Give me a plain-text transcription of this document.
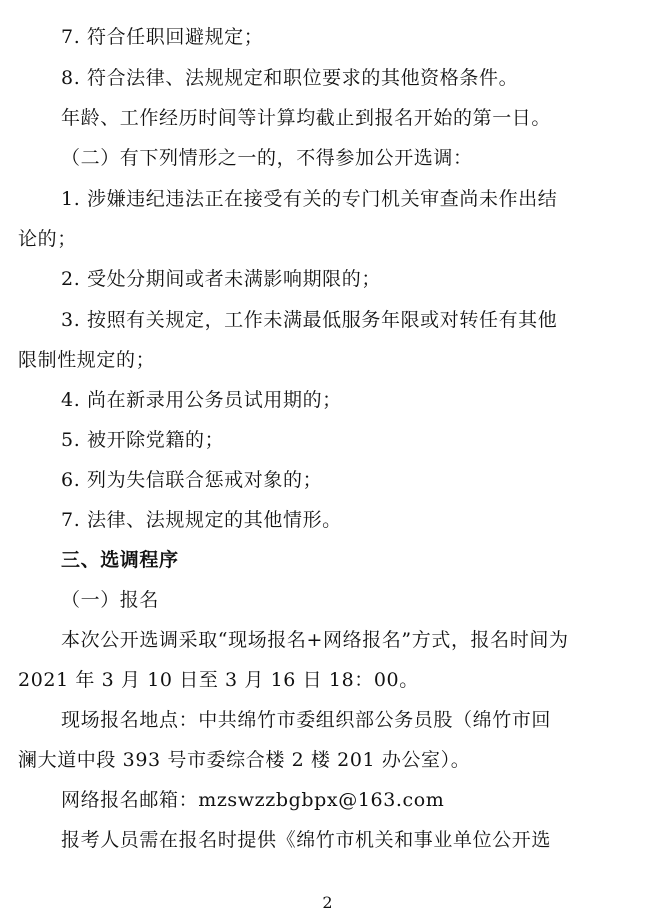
7. 符合任职回避规定；
8. 符合法律、法规规定和职位要求的其他资格条件。
年龄、工作经历时间等计算均截止到报名开始的第一日。
（二）有下列情形之一的，不得参加公开选调：
1. 涉嫌违纪违法正在接受有关的专门机关审查尚未作出结
论的；
2. 受处分期间或者未满影响期限的；
3. 按照有关规定，工作未满最低服务年限或对转任有其他
限制性规定的；
4. 尚在新录用公务员试用期的；
5. 被开除党籍的；
6. 列为失信联合惩戒对象的；
7. 法律、法规规定的其他情形。
三、选调程序
（一）报名
本次公开选调采取“现场报名+网络报名”方式，报名时间为
2021 年 3 月 10 日至 3 月 16 日 18：00。
现场报名地点：中共绵竹市委组织部公务员股（绵竹市回
澜大道中段 393 号市委综合楼 2 楼 201 办公室）。
网络报名邮箱：mzswzzbgbpx@163.com
报考人员需在报名时提供《绵竹市机关和事业单位公开选
2
